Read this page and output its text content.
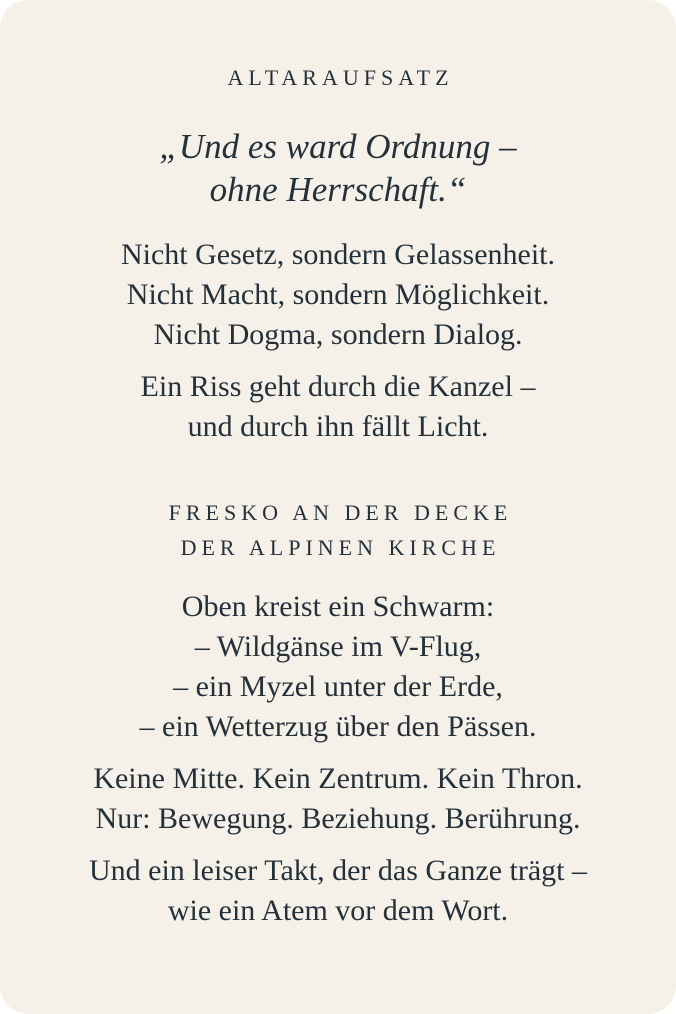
ALTARAUFSATZ

„Und es ward Ordnung –
ohne Herrschaft.“

Nicht Gesetz, sondern Gelassenheit.
Nicht Macht, sondern Möglichkeit.
Nicht Dogma, sondern Dialog.

Ein Riss geht durch die Kanzel –
und durch ihn fällt Licht.

FRESKO AN DER DECKE
DER ALPINEN KIRCHE

Oben kreist ein Schwarm:
– Wildgänse im V-Flug,
– ein Myzel unter der Erde,
– ein Wetterzug über den Pässen.

Keine Mitte. Kein Zentrum. Kein Thron.
Nur: Bewegung. Beziehung. Berührung.

Und ein leiser Takt, der das Ganze trägt –
wie ein Atem vor dem Wort.
